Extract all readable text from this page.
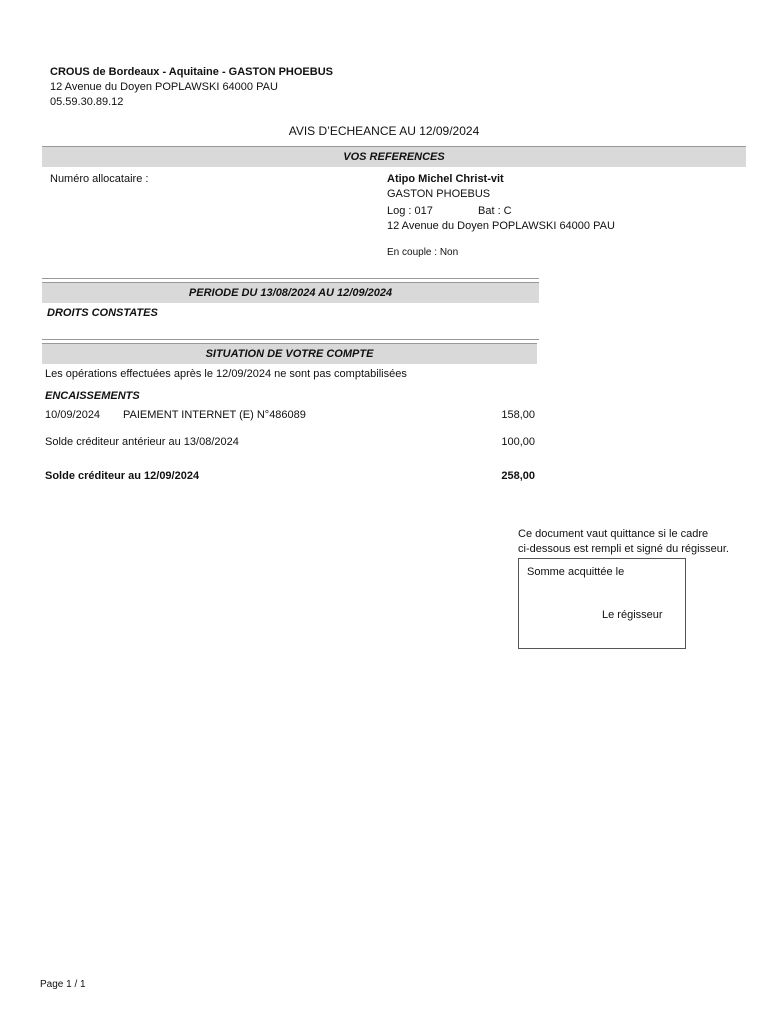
CROUS de Bordeaux - Aquitaine - GASTON PHOEBUS
12 Avenue du Doyen POPLAWSKI 64000 PAU
05.59.30.89.12
AVIS D’ECHEANCE AU 12/09/2024
VOS REFERENCES
Numéro allocataire :	Atipo Michel Christ-vit
GASTON PHOEBUS
Log : 017	Bat : C
12 Avenue du Doyen POPLAWSKI 64000 PAU
En couple : Non
PERIODE DU 13/08/2024 AU 12/09/2024
DROITS CONSTATES
SITUATION DE VOTRE COMPTE
Les opérations effectuées après le 12/09/2024 ne sont pas comptabilisées
ENCAISSEMENTS
10/09/2024 PAIEMENT INTERNET (E) N°486089	158,00
Solde créditeur antérieur au 13/08/2024	100,00
Solde créditeur au 12/09/2024	258,00
Ce document vaut quittance si le cadre
ci-dessous est rempli et signé du régisseur.
Somme acquittée le
Le régisseur
Page 1 / 1
